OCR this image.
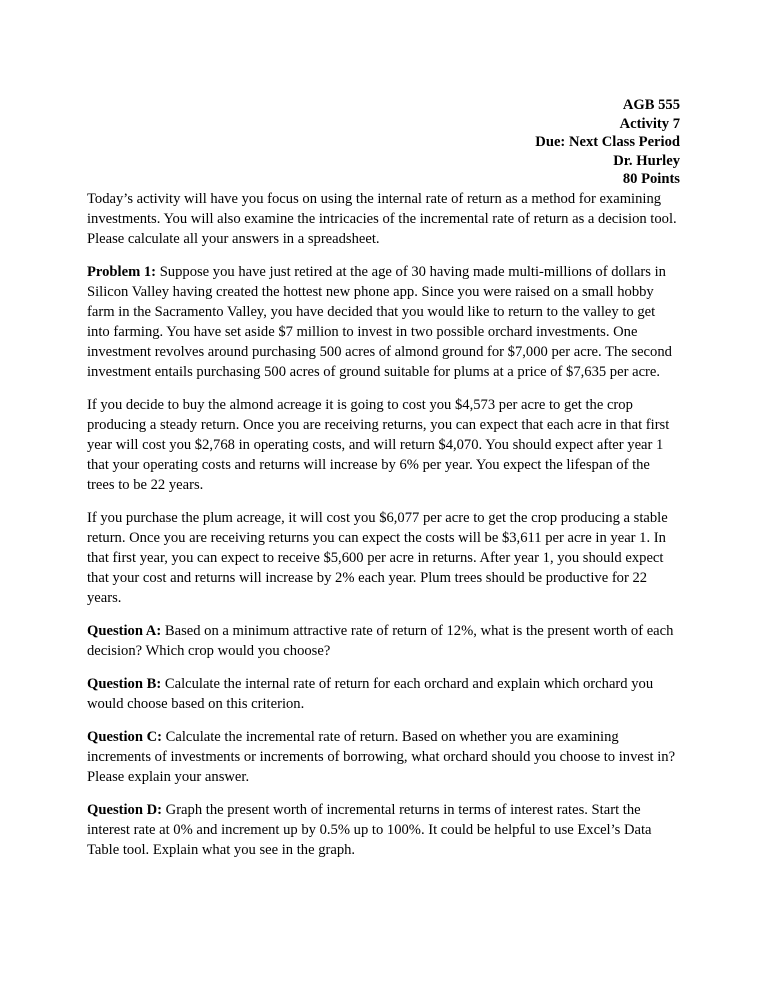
AGB 555
Activity 7
Due: Next Class Period
Dr. Hurley
80 Points

Today’s activity will have you focus on using the internal rate of return as a method for examining investments. You will also examine the intricacies of the incremental rate of return as a decision tool. Please calculate all your answers in a spreadsheet.

Problem 1: Suppose you have just retired at the age of 30 having made multi-millions of dollars in Silicon Valley having created the hottest new phone app. Since you were raised on a small hobby farm in the Sacramento Valley, you have decided that you would like to return to the valley to get into farming. You have set aside $7 million to invest in two possible orchard investments. One investment revolves around purchasing 500 acres of almond ground for $7,000 per acre. The second investment entails purchasing 500 acres of ground suitable for plums at a price of $7,635 per acre.

If you decide to buy the almond acreage it is going to cost you $4,573 per acre to get the crop producing a steady return. Once you are receiving returns, you can expect that each acre in that first year will cost you $2,768 in operating costs, and will return $4,070. You should expect after year 1 that your operating costs and returns will increase by 6% per year. You expect the lifespan of the trees to be 22 years.

If you purchase the plum acreage, it will cost you $6,077 per acre to get the crop producing a stable return. Once you are receiving returns you can expect the costs will be $3,611 per acre in year 1. In that first year, you can expect to receive $5,600 per acre in returns. After year 1, you should expect that your cost and returns will increase by 2% each year. Plum trees should be productive for 22 years.

Question A: Based on a minimum attractive rate of return of 12%, what is the present worth of each decision? Which crop would you choose?

Question B: Calculate the internal rate of return for each orchard and explain which orchard you would choose based on this criterion.

Question C: Calculate the incremental rate of return. Based on whether you are examining increments of investments or increments of borrowing, what orchard should you choose to invest in? Please explain your answer.

Question D: Graph the present worth of incremental returns in terms of interest rates. Start the interest rate at 0% and increment up by 0.5% up to 100%. It could be helpful to use Excel’s Data Table tool. Explain what you see in the graph.
